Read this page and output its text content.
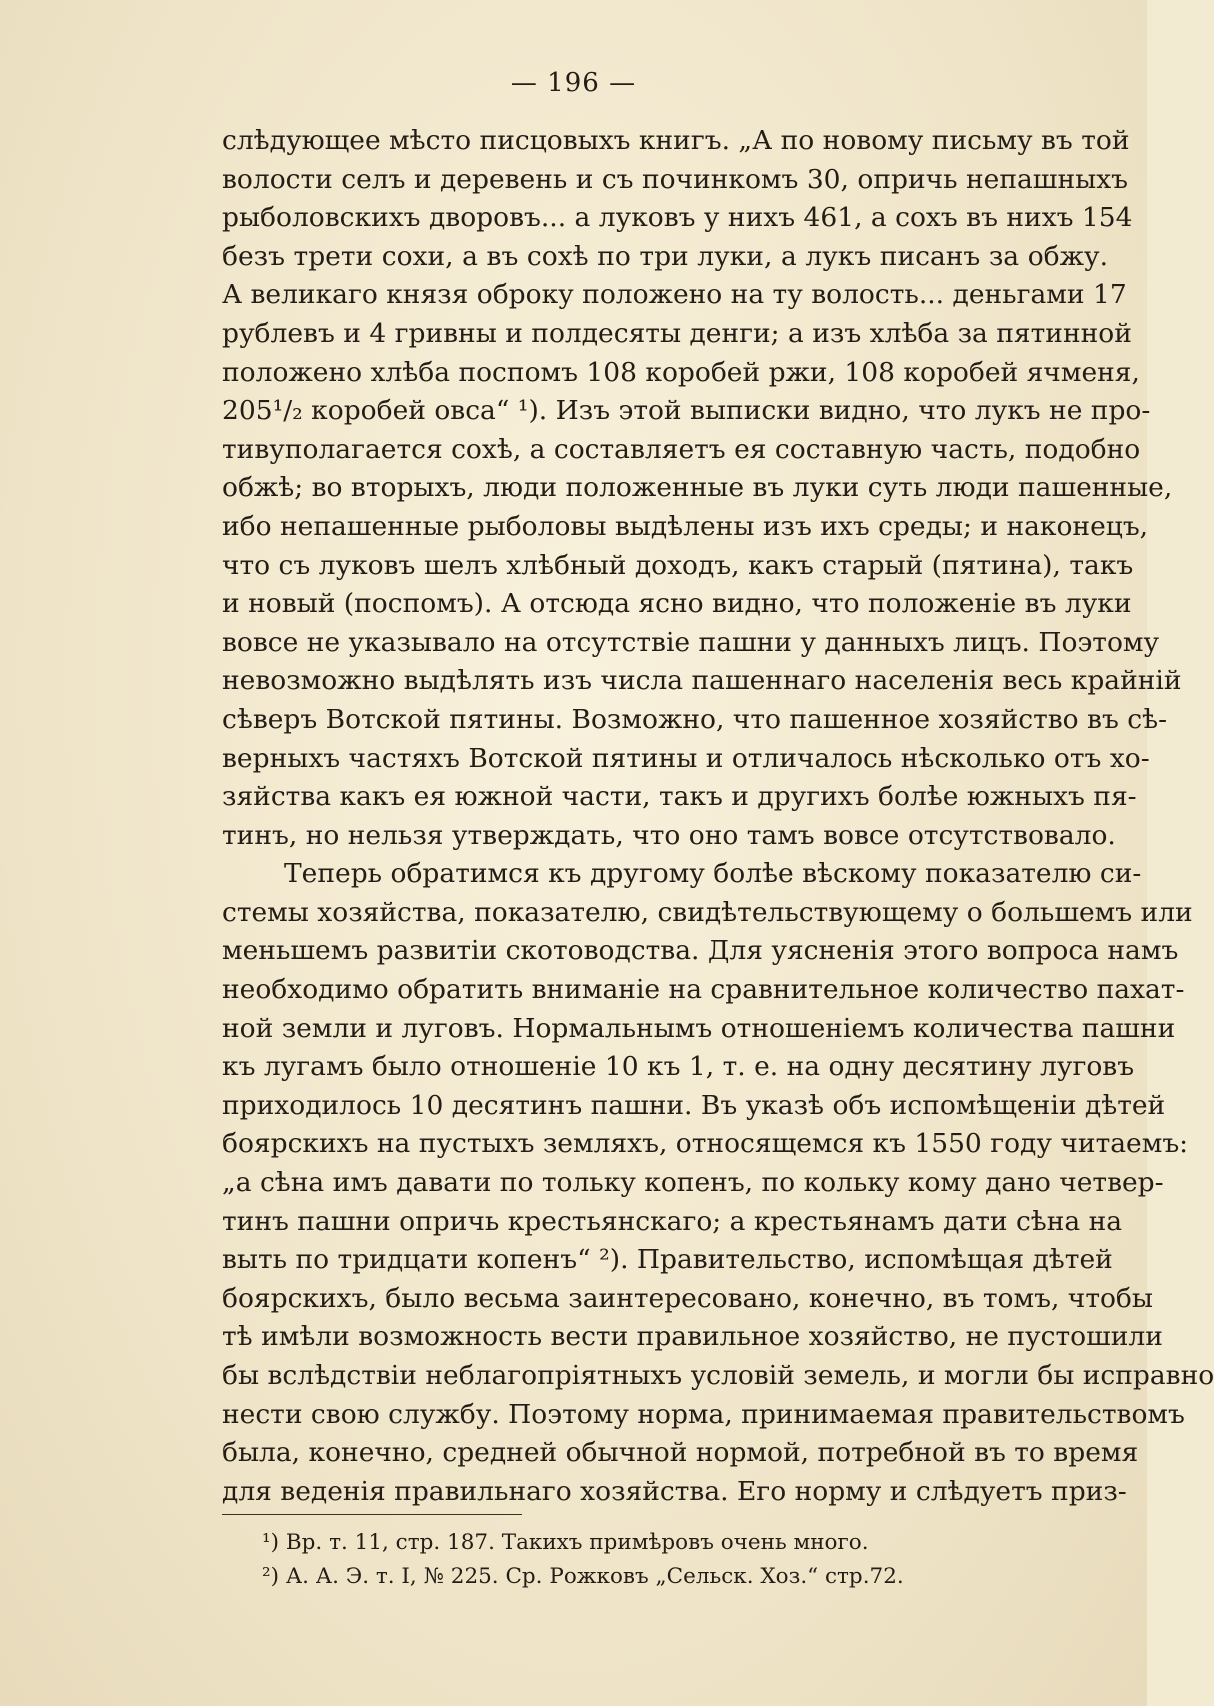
— 196 —
слѣдующее мѣсто писцовыхъ книгъ. „А по новому письму въ той
волости селъ и деревень и съ починкомъ 30, опричь непашныхъ
рыболовскихъ дворовъ... а луковъ у нихъ 461, а сохъ въ нихъ 154
безъ трети сохи, а въ сохѣ по три луки, а лукъ писанъ за обжу.
А великаго князя оброку положено на ту волость... деньгами 17
рублевъ и 4 гривны и полдесяты денги; а изъ хлѣба за пятинной
положено хлѣба поспомъ 108 коробей ржи, 108 коробей ячменя,
205¹/₂ коробей овса“ ¹). Изъ этой выписки видно, что лукъ не про-
тивуполагается сохѣ, а составляетъ ея составную часть, подобно
обжѣ; во вторыхъ, люди положенные въ луки суть люди пашенные,
ибо непашенные рыболовы выдѣлены изъ ихъ среды; и наконецъ,
что съ луковъ шелъ хлѣбный доходъ, какъ старый (пятина), такъ
и новый (поспомъ). А отсюда ясно видно, что положеніе въ луки
вовсе не указывало на отсутствіе пашни у данныхъ лицъ. Поэтому
невозможно выдѣлять изъ числа пашеннаго населенія весь крайній
сѣверъ Вотской пятины. Возможно, что пашенное хозяйство въ сѣ-
верныхъ частяхъ Вотской пятины и отличалось нѣсколько отъ хо-
зяйства какъ ея южной части, такъ и другихъ болѣе южныхъ пя-
тинъ, но нельзя утверждать, что оно тамъ вовсе отсутствовало.
Теперь обратимся къ другому болѣе вѣскому показателю си-
стемы хозяйства, показателю, свидѣтельствующему о большемъ или
меньшемъ развитіи скотоводства. Для уясненія этого вопроса намъ
необходимо обратить вниманіе на сравнительное количество пахат-
ной земли и луговъ. Нормальнымъ отношеніемъ количества пашни
къ лугамъ было отношеніе 10 къ 1, т. е. на одну десятину луговъ
приходилось 10 десятинъ пашни. Въ указѣ объ испомѣщеніи дѣтей
боярскихъ на пустыхъ земляхъ, относящемся къ 1550 году читаемъ:
„а сѣна имъ давати по тольку копенъ, по кольку кому дано четвер-
тинъ пашни опричь крестьянскаго; а крестьянамъ дати сѣна на
выть по тридцати копенъ“ ²). Правительство, испомѣщая дѣтей
боярскихъ, было весьма заинтересовано, конечно, въ томъ, чтобы
тѣ имѣли возможность вести правильное хозяйство, не пустошили
бы вслѣдствіи неблагопріятныхъ условій земель, и могли бы исправно
нести свою службу. Поэтому норма, принимаемая правительствомъ
была, конечно, средней обычной нормой, потребной въ то время
для веденія правильнаго хозяйства. Его норму и слѣдуетъ приз-
¹) Вр. т. 11, стр. 187. Такихъ примѣровъ очень много.
²) А. А. Э. т. I, № 225. Ср. Рожковъ „Сельск. Хоз.“ стр.72.
